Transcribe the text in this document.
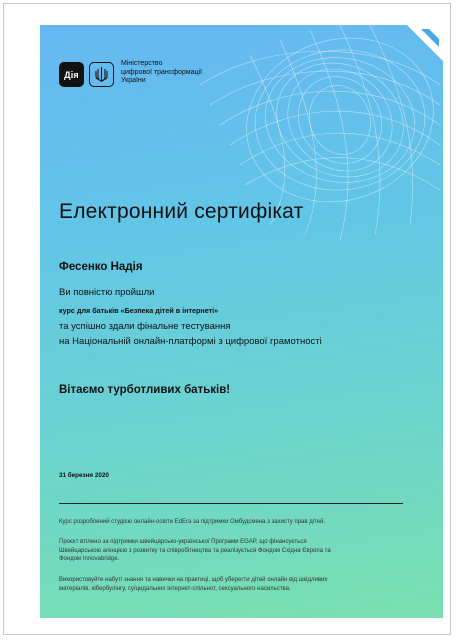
Дія
Міністерство
цифрової трансформації
України
Електронний сертифікат
Фесенко Надія
Ви повністю пройшли
курс для батьків «Безпека дітей в інтернеті»
та успішно здали фінальне тестування
на Національній онлайн-платформі з цифрової грамотності
Вітаємо турботливих батьків!
31 березня 2020
Курс розроблений студією онлайн-освіти EdEra за підтримки Омбудсмена з захисту прав дітей.
Проєкт втілено за підтримки швейцарсько-української Програми EGAP, що фінансується
Швейцарською агенцією з розвитку та співробітництва та реалізується Фондом Східна Європа та
Фондом Innovabridge.
Використовуйте набуті знання та навички на практиці, щоб уберегти дітей онлайн від шкідливих
матеріалів, кібербулінгу, суїцидальних інтернет-спільнот, сексуального насильства.
